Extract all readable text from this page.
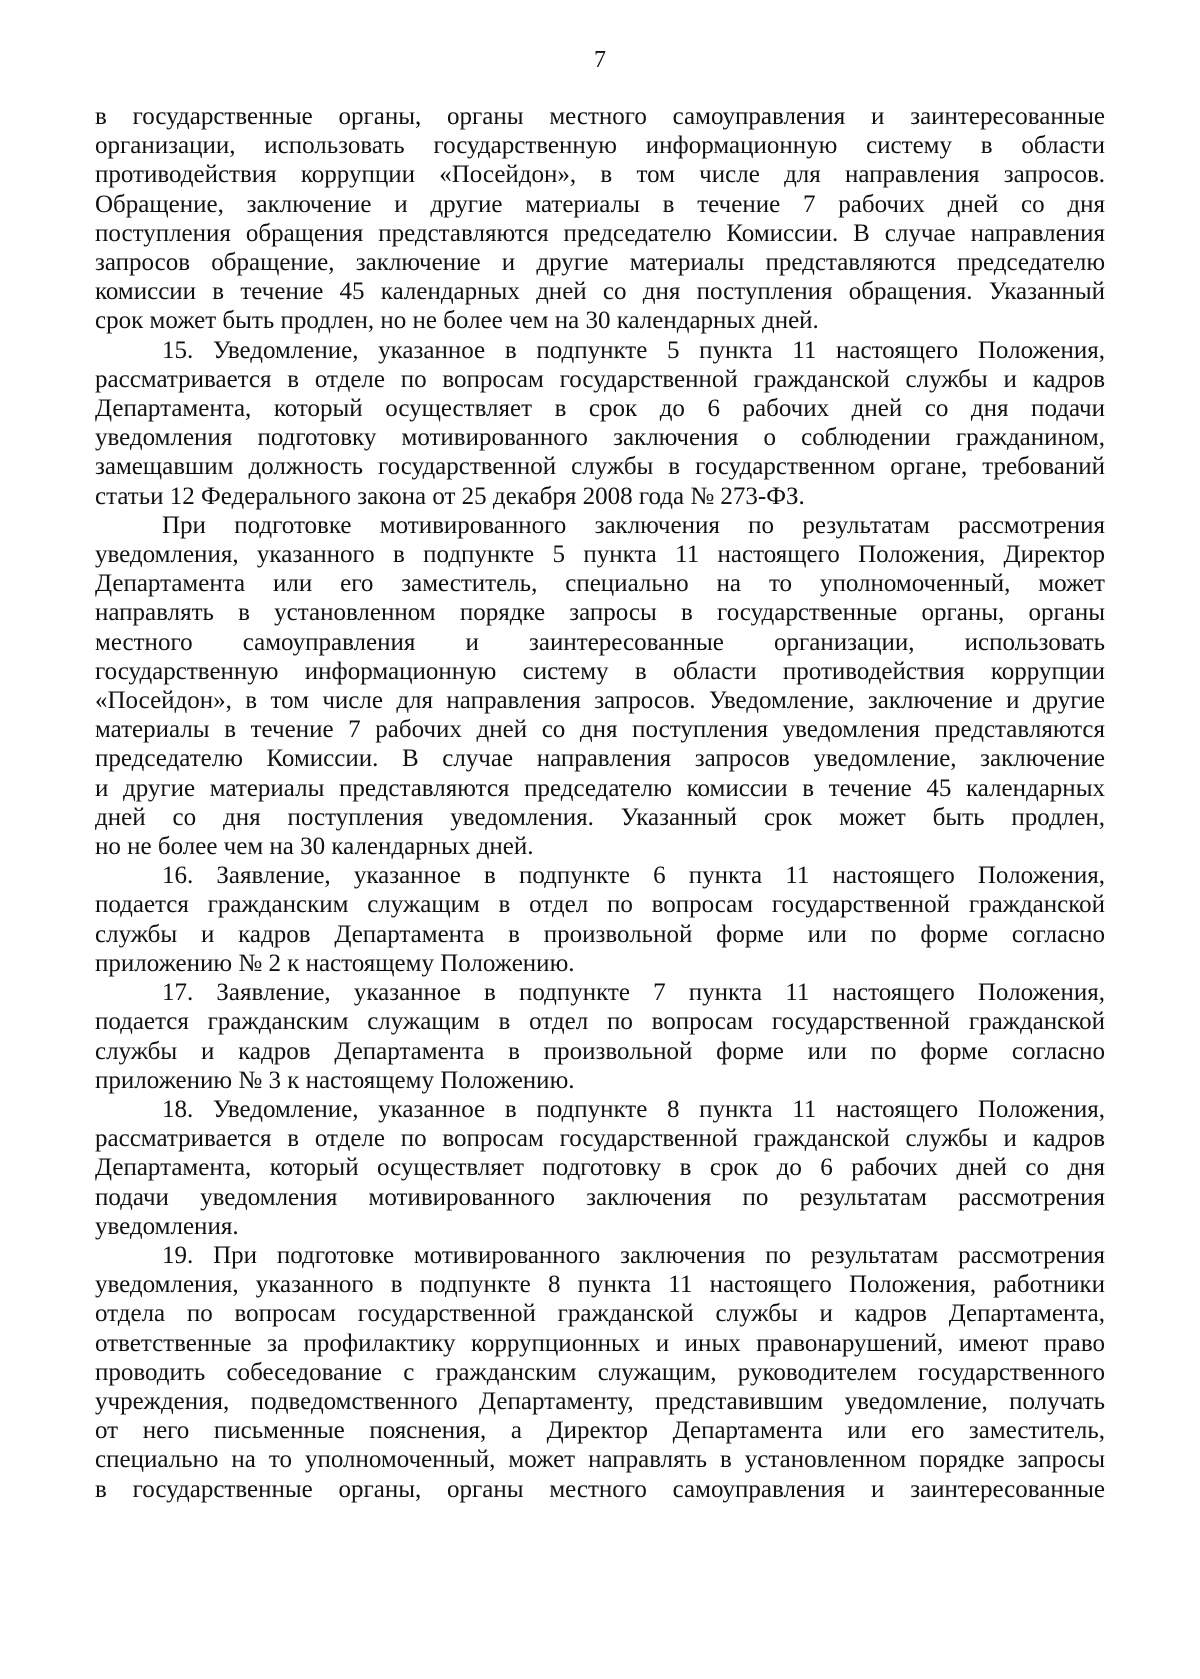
7
в государственные органы, органы местного самоуправления и заинтересованные
организации, использовать государственную информационную систему в области
противодействия коррупции «Посейдон», в том числе для направления запросов.
Обращение, заключение и другие материалы в течение 7 рабочих дней со дня
поступления обращения представляются председателю Комиссии. В случае направления
запросов обращение, заключение и другие материалы представляются председателю
комиссии в течение 45 календарных дней со дня поступления обращения. Указанный
срок может быть продлен, но не более чем на 30 календарных дней.
15. Уведомление, указанное в подпункте 5 пункта 11 настоящего Положения,
рассматривается в отделе по вопросам государственной гражданской службы и кадров
Департамента, который осуществляет в срок до 6 рабочих дней со дня подачи
уведомления подготовку мотивированного заключения о соблюдении гражданином,
замещавшим должность государственной службы в государственном органе, требований
статьи 12 Федерального закона от 25 декабря 2008 года № 273-ФЗ.
При подготовке мотивированного заключения по результатам рассмотрения
уведомления, указанного в подпункте 5 пункта 11 настоящего Положения, Директор
Департамента или его заместитель, специально на то уполномоченный, может
направлять в установленном порядке запросы в государственные органы, органы
местного самоуправления и заинтересованные организации, использовать
государственную информационную систему в области противодействия коррупции
«Посейдон», в том числе для направления запросов. Уведомление, заключение и другие
материалы в течение 7 рабочих дней со дня поступления уведомления представляются
председателю Комиссии. В случае направления запросов уведомление, заключение
и другие материалы представляются председателю комиссии в течение 45 календарных
дней со дня поступления уведомления. Указанный срок может быть продлен,
но не более чем на 30 календарных дней.
16. Заявление, указанное в подпункте 6 пункта 11 настоящего Положения,
подается гражданским служащим в отдел по вопросам государственной гражданской
службы и кадров Департамента в произвольной форме или по форме согласно
приложению № 2 к настоящему Положению.
17. Заявление, указанное в подпункте 7 пункта 11 настоящего Положения,
подается гражданским служащим в отдел по вопросам государственной гражданской
службы и кадров Департамента в произвольной форме или по форме согласно
приложению № 3 к настоящему Положению.
18. Уведомление, указанное в подпункте 8 пункта 11 настоящего Положения,
рассматривается в отделе по вопросам государственной гражданской службы и кадров
Департамента, который осуществляет подготовку в срок до 6 рабочих дней со дня
подачи уведомления мотивированного заключения по результатам рассмотрения
уведомления.
19. При подготовке мотивированного заключения по результатам рассмотрения
уведомления, указанного в подпункте 8 пункта 11 настоящего Положения, работники
отдела по вопросам государственной гражданской службы и кадров Департамента,
ответственные за профилактику коррупционных и иных правонарушений, имеют право
проводить собеседование с гражданским служащим, руководителем государственного
учреждения, подведомственного Департаменту, представившим уведомление, получать
от него письменные пояснения, а Директор Департамента или его заместитель,
специально на то уполномоченный, может направлять в установленном порядке запросы
в государственные органы, органы местного самоуправления и заинтересованные
